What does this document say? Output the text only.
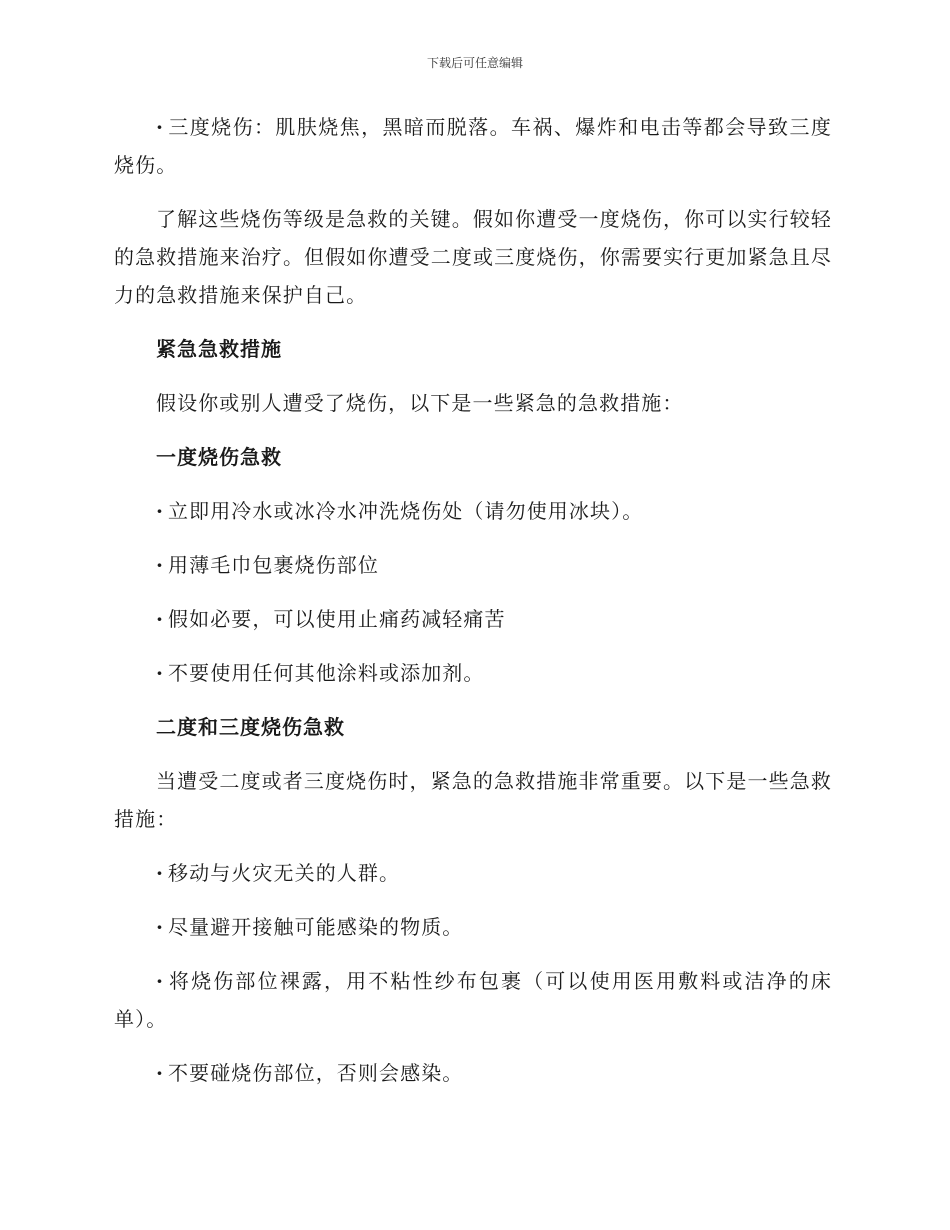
下载后可任意编辑

· 三度烧伤：肌肤烧焦，黑暗而脱落。车祸、爆炸和电击等都会导致三度烧伤。

了解这些烧伤等级是急救的关键。假如你遭受一度烧伤，你可以实行较轻的急救措施来治疗。但假如你遭受二度或三度烧伤，你需要实行更加紧急且尽力的急救措施来保护自己。

紧急急救措施

假设你或别人遭受了烧伤，以下是一些紧急的急救措施：

一度烧伤急救

· 立即用冷水或冰冷水冲洗烧伤处（请勿使用冰块）。

· 用薄毛巾包裹烧伤部位

· 假如必要，可以使用止痛药减轻痛苦

· 不要使用任何其他涂料或添加剂。

二度和三度烧伤急救

当遭受二度或者三度烧伤时，紧急的急救措施非常重要。以下是一些急救措施：

· 移动与火灾无关的人群。

· 尽量避开接触可能感染的物质。

· 将烧伤部位裸露，用不粘性纱布包裹（可以使用医用敷料或洁净的床单）。

· 不要碰烧伤部位，否则会感染。
